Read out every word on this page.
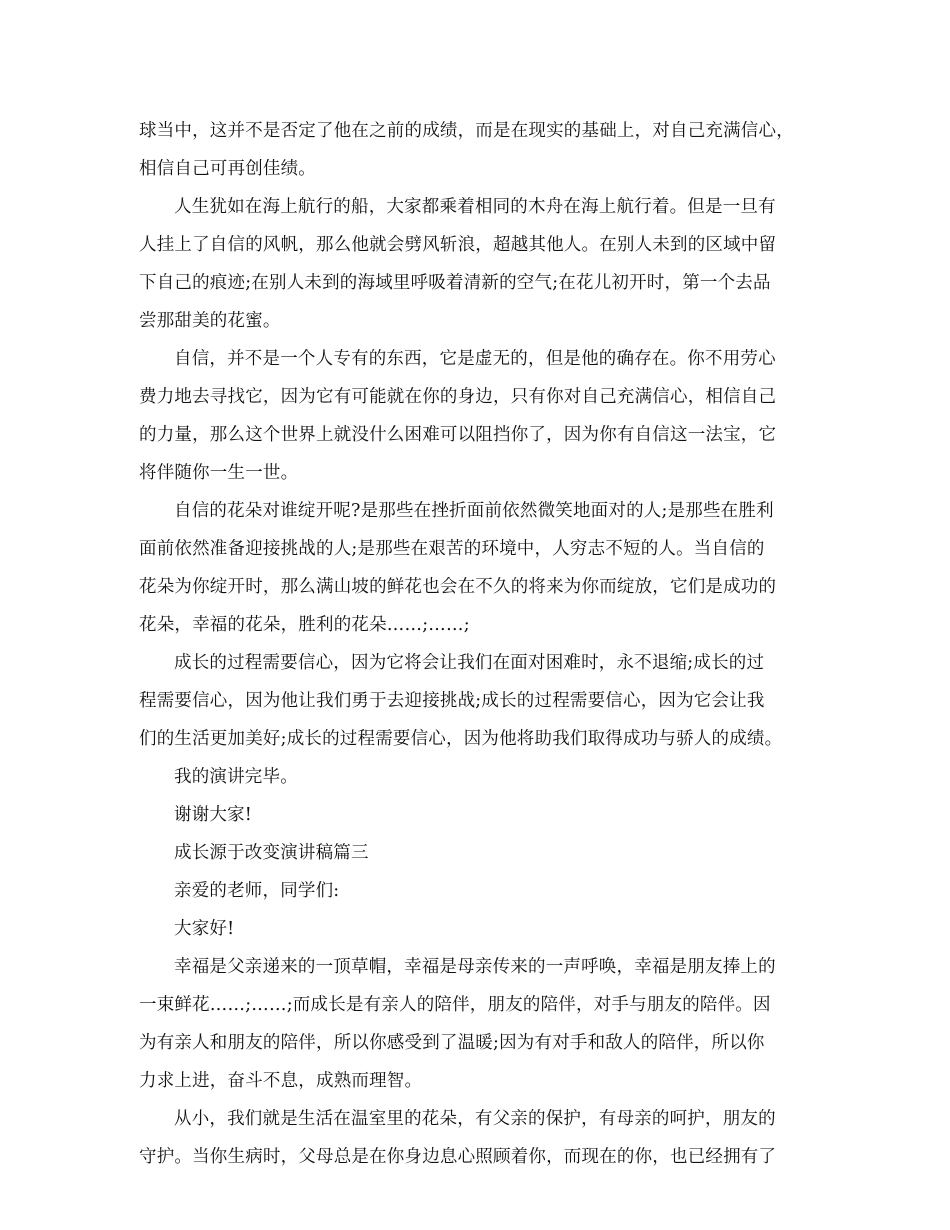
球当中，这并不是否定了他在之前的成绩，而是在现实的基础上，对自己充满信心，
相信自己可再创佳绩。
人生犹如在海上航行的船，大家都乘着相同的木舟在海上航行着。但是一旦有
人挂上了自信的风帆，那么他就会劈风斩浪，超越其他人。在别人未到的区域中留
下自己的痕迹;在别人未到的海域里呼吸着清新的空气;在花儿初开时，第一个去品
尝那甜美的花蜜。
自信，并不是一个人专有的东西，它是虚无的，但是他的确存在。你不用劳心
费力地去寻找它，因为它有可能就在你的身边，只有你对自己充满信心，相信自己
的力量，那么这个世界上就没什么困难可以阻挡你了，因为你有自信这一法宝，它
将伴随你一生一世。
自信的花朵对谁绽开呢?是那些在挫折面前依然微笑地面对的人;是那些在胜利
面前依然准备迎接挑战的人;是那些在艰苦的环境中，人穷志不短的人。当自信的
花朵为你绽开时，那么满山坡的鲜花也会在不久的将来为你而绽放，它们是成功的
花朵，幸福的花朵，胜利的花朵……;……;
成长的过程需要信心，因为它将会让我们在面对困难时，永不退缩;成长的过
程需要信心，因为他让我们勇于去迎接挑战;成长的过程需要信心，因为它会让我
们的生活更加美好;成长的过程需要信心，因为他将助我们取得成功与骄人的成绩。
我的演讲完毕。
谢谢大家!
成长源于改变演讲稿篇三
亲爱的老师，同学们:
大家好!
幸福是父亲递来的一顶草帽，幸福是母亲传来的一声呼唤，幸福是朋友捧上的
一束鲜花……;……;而成长是有亲人的陪伴，朋友的陪伴，对手与朋友的陪伴。因
为有亲人和朋友的陪伴，所以你感受到了温暖;因为有对手和敌人的陪伴，所以你
力求上进，奋斗不息，成熟而理智。
从小，我们就是生活在温室里的花朵，有父亲的保护，有母亲的呵护，朋友的
守护。当你生病时，父母总是在你身边息心照顾着你，而现在的你，也已经拥有了
